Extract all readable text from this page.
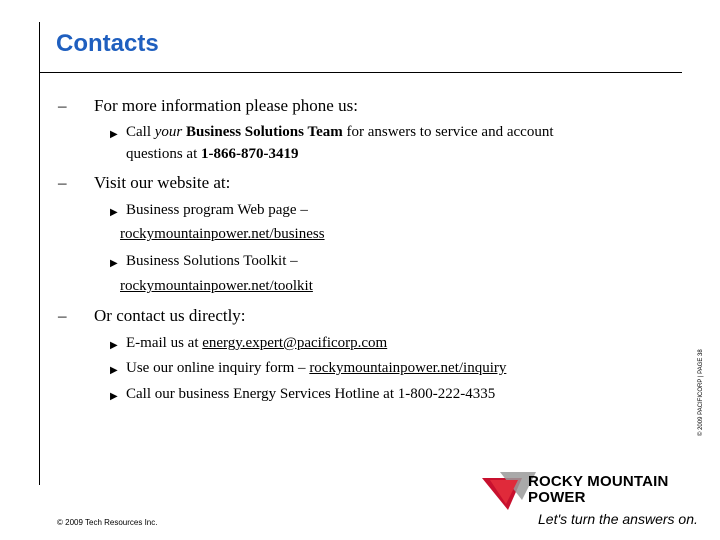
Contacts
– For more information please phone us:
▶ Call your Business Solutions Team for answers to service and account
questions at 1-866-870-3419
– Visit our website at:
▶ Business program Web page –
rockymountainpower.net/business
▶ Business Solutions Toolkit –
rockymountainpower.net/toolkit
– Or contact us directly:
▶ E-mail us at energy.expert@pacificorp.com
▶ Use our online inquiry form – rockymountainpower.net/inquiry
▶ Call our business Energy Services Hotline at 1-800-222-4335	© 2009 PACIFICORP | PAGE 38
© 2009 Tech Resources Inc.
ROCKY MOUNTAIN
POWER
Let's turn the answers on.
